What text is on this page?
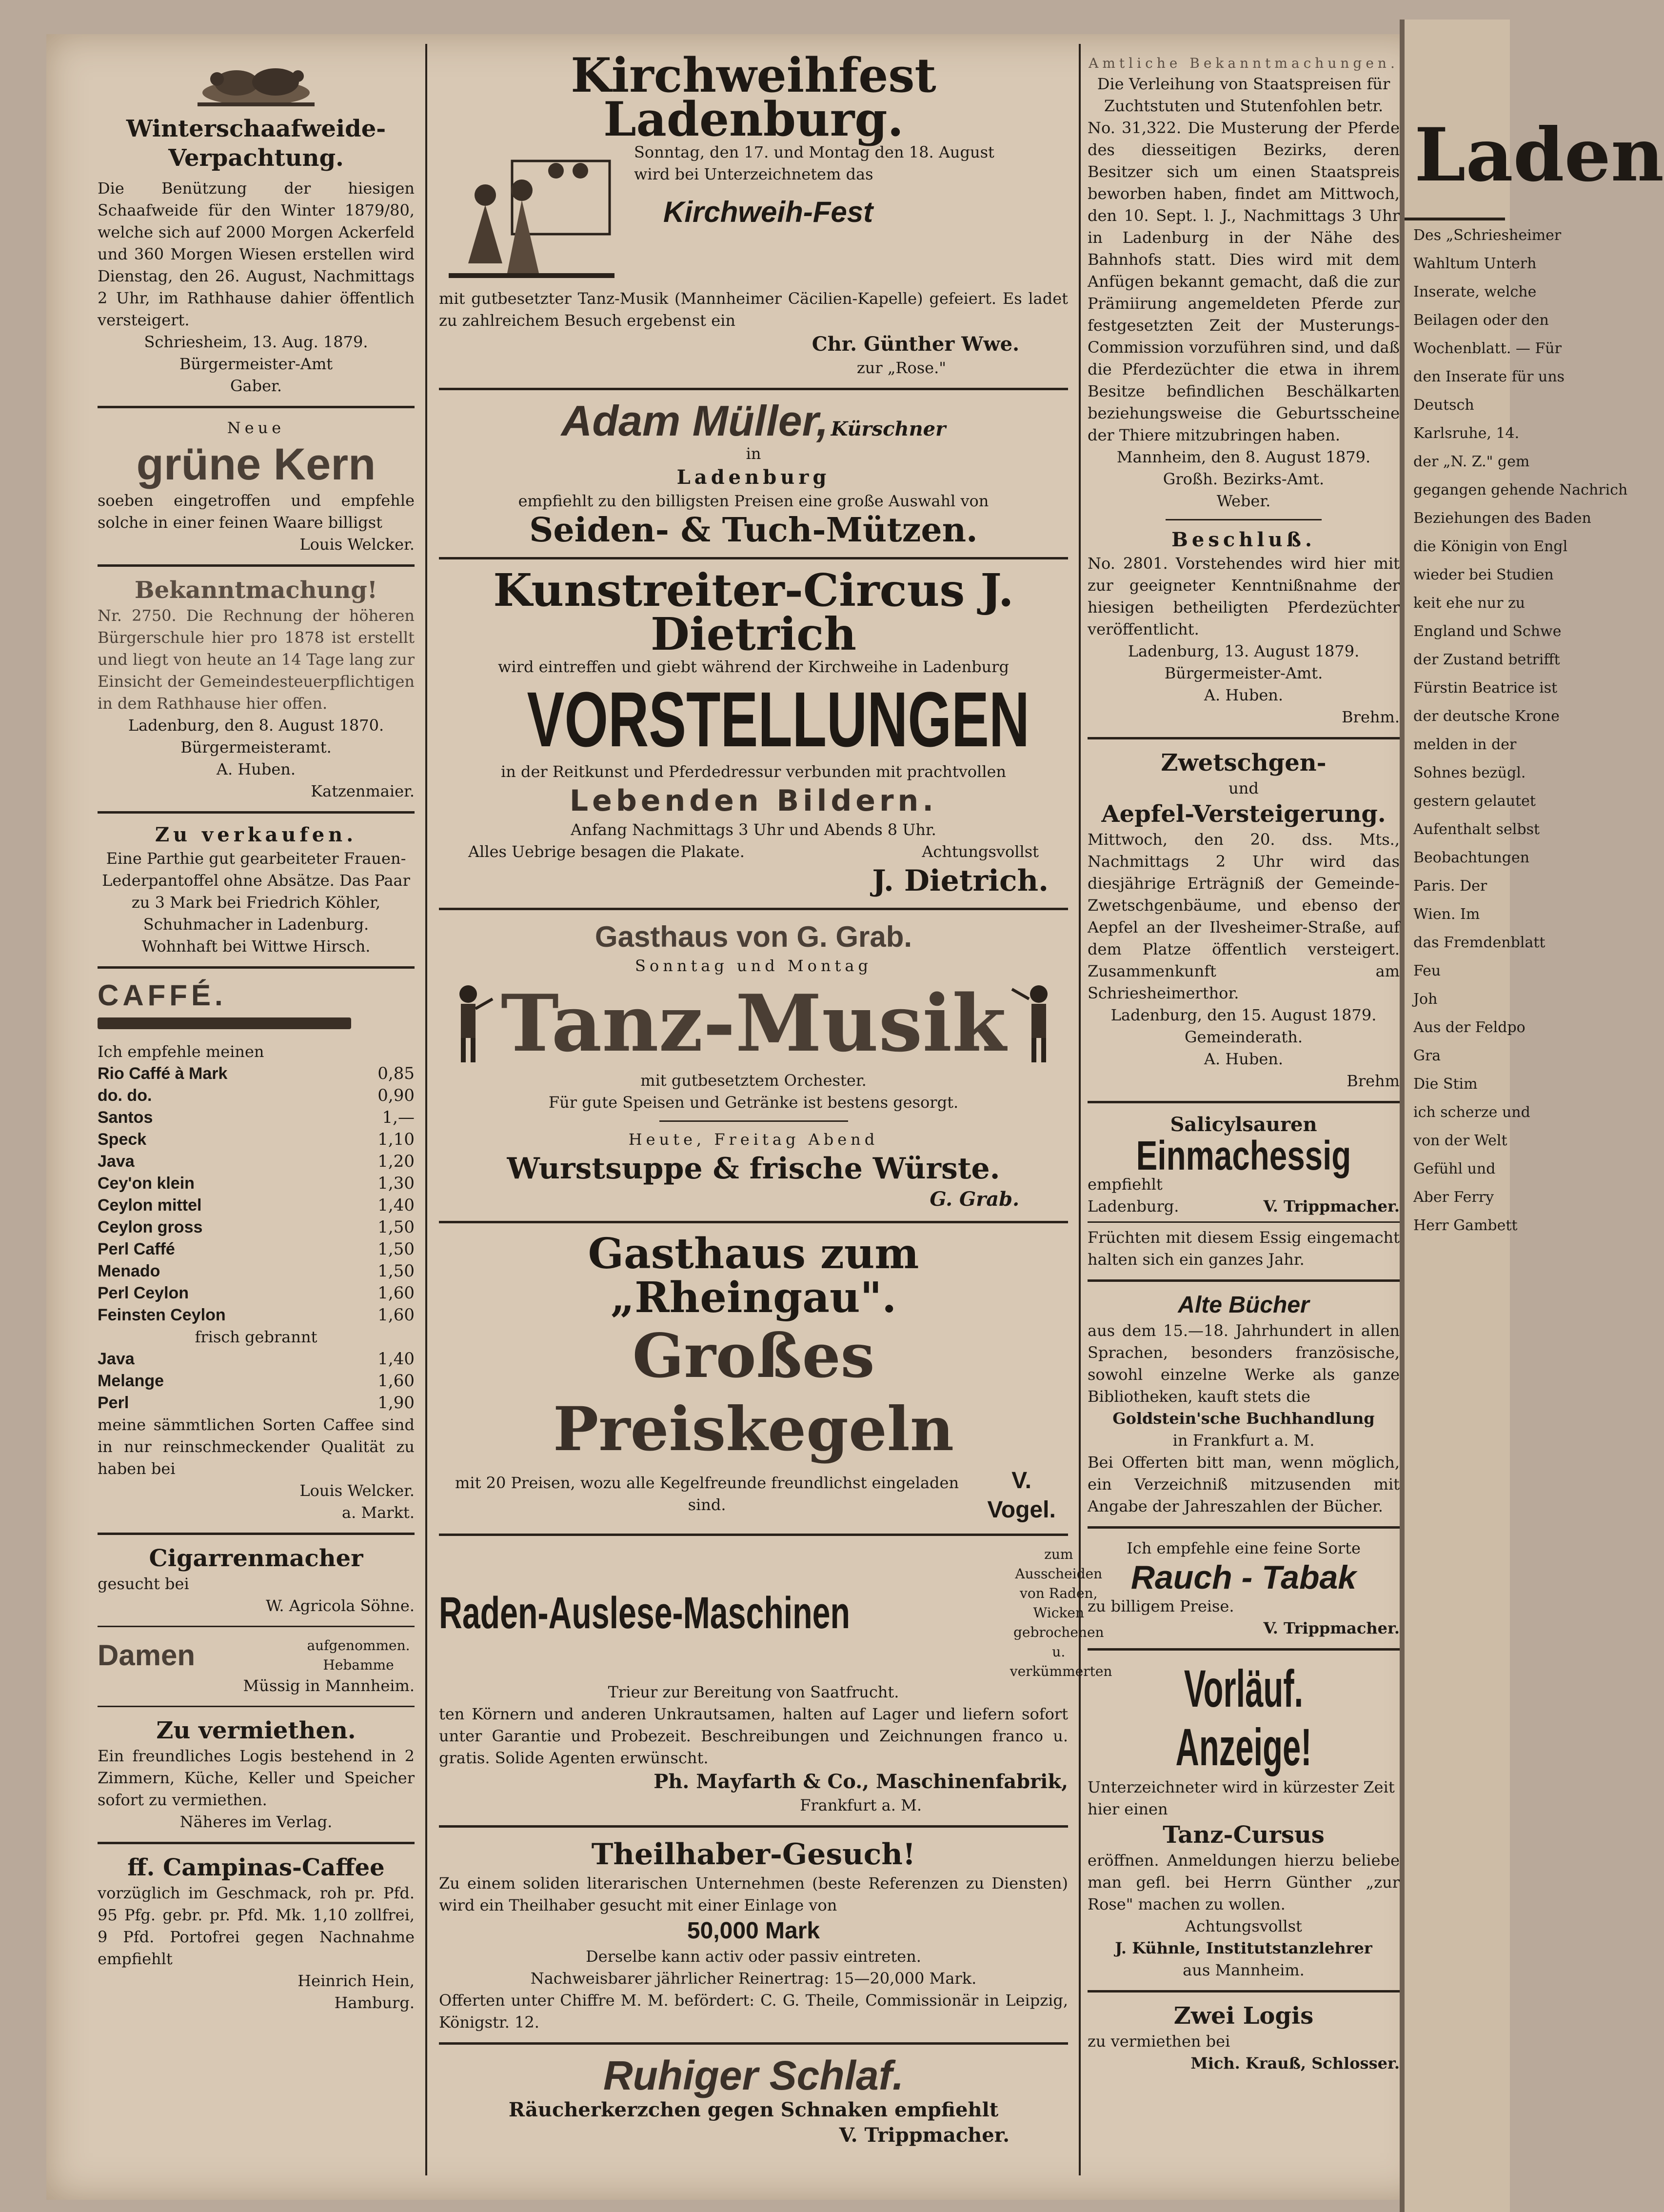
Laden

Des „Schriesheimer

Wahltum Unterh

Inserate, welche

Beilagen oder den

Wochenblatt. — Für

den Inserate für uns

Deutsch

Karlsruhe, 14.

der „N. Z." gem

gegangen gehende Nachrich

Beziehungen des Baden

die Königin von Engl

wieder bei Studien

keit ehe nur zu

England und Schwe

der Zustand betrifft

Fürstin Beatrice ist

der deutsche Krone

melden in der

Sohnes bezügl.

gestern gelautet

Aufenthalt selbst

Beobachtungen

Paris. Der

Wien. Im

das Fremdenblatt

Feu

Joh

Aus der Feldpo

Gra

Die Stim

ich scherze und

von der Welt

Gefühl und

Aber Ferry

Herr Gambett

Winterschaafweide-
Verpachtung.
Die Benützung der hiesigen Schaafweide für den Winter 1879/80, welche sich auf 2000 Morgen Ackerfeld und 360 Morgen Wiesen erstellen wird Dienstag, den 26. August, Nachmittags 2 Uhr, im Rathhause dahier öffentlich versteigert.
Schriesheim, 13. Aug. 1879.
Bürgermeister-Amt
Gaber.
Neue
grüne Kern
soeben eingetroffen und empfehle solche in einer feinen Waare billigst
Louis Welcker.
Bekanntmachung!
Nr. 2750. Die Rechnung der höheren Bürgerschule hier pro 1878 ist erstellt und liegt von heute an 14 Tage lang zur Einsicht der Gemeindesteuerpflichtigen in dem Rathhause hier offen.
Ladenburg, den 8. August 1870.
Bürgermeisteramt.
A. Huben.
Katzenmaier.
Zu verkaufen.
Eine Parthie gut gearbeiteter Frauen-Lederpantoffel ohne Absätze. Das Paar zu 3 Mark bei Friedrich Köhler, Schuhmacher in Ladenburg.
Wohnhaft bei Wittwe Hirsch.
CAFFÉ.
Ich empfehle meinen
Rio Caffé à Mark	0,85
do. do.	0,90
Santos	1,—
Speck	1,10
Java	1,20
Cey'on klein	1,30
Ceylon mittel	1,40
Ceylon gross	1,50
Perl Caffé	1,50
Menado	1,50
Perl Ceylon	1,60
Feinsten Ceylon	1,60
frisch gebrannt
Java	1,40
Melange	1,60
Perl	1,90
meine sämmtlichen Sorten Caffee sind in nur reinschmeckender Qualität zu haben bei
Louis Welcker.
a. Markt.
Cigarrenmacher
gesucht bei
W. Agricola Söhne.
Damen	aufgenommen. Hebamme
Müssig in Mannheim.
Zu vermiethen.
Ein freundliches Logis bestehend in 2 Zimmern, Küche, Keller und Speicher sofort zu vermiethen.
Näheres im Verlag.
ff. Campinas-Caffee
vorzüglich im Geschmack, roh pr. Pfd. 95 Pfg. gebr. pr. Pfd. Mk. 1,10 zollfrei, 9 Pfd. Portofrei gegen Nachnahme empfiehlt
Heinrich Hein,
Hamburg.
Kirchweihfest Ladenburg.
Sonntag, den 17. und Montag den 18. August
wird bei Unterzeichnetem das
Kirchweih-Fest
mit gutbesetzter Tanz-Musik (Mannheimer Cäcilien-Kapelle) gefeiert. Es ladet zu zahlreichem Besuch ergebenst ein
Chr. Günther Wwe.
zur „Rose."
Adam Müller, Kürschner
in
Ladenburg
empfiehlt zu den billigsten Preisen eine große Auswahl von
Seiden- & Tuch-Mützen.
Kunstreiter-Circus J. Dietrich
wird eintreffen und giebt während der Kirchweihe in Ladenburg
VORSTELLUNGEN
in der Reitkunst und Pferdedressur verbunden mit prachtvollen
Lebenden Bildern.
Anfang Nachmittags 3 Uhr und Abends 8 Uhr.
Alles Uebrige besagen die Plakate.	Achtungsvollst
J. Dietrich.
Gasthaus von G. Grab.
Sonntag und Montag
Tanz-Musik
mit gutbesetztem Orchester.
Für gute Speisen und Getränke ist bestens gesorgt.
Heute, Freitag Abend
Wurstsuppe & frische Würste.
G. Grab.
Gasthaus zum „Rheingau".
Großes Preiskegeln
mit 20 Preisen, wozu alle Kegelfreunde freundlichst eingeladen sind.
V. Vogel.
Raden-Auslese-Maschinen
zum Ausscheiden von Raden, Wicken gebrochenen u. verkümmerten
Trieur zur Bereitung von Saatfrucht.
ten Körnern und anderen Unkrautsamen, halten auf Lager und liefern sofort unter Garantie und Probezeit. Beschreibungen und Zeichnungen franco u. gratis. Solide Agenten erwünscht.
Ph. Mayfarth & Co., Maschinenfabrik,
Frankfurt a. M.
Theilhaber-Gesuch!
Zu einem soliden literarischen Unternehmen (beste Referenzen zu Diensten) wird ein Theilhaber gesucht mit einer Einlage von
50,000 Mark
Derselbe kann activ oder passiv eintreten.
Nachweisbarer jährlicher Reinertrag: 15—20,000 Mark.
Offerten unter Chiffre M. M. befördert: C. G. Theile, Commissionär in Leipzig, Königstr. 12.
Ruhiger Schlaf.
Räucherkerzchen gegen Schnaken empfiehlt
V. Trippmacher.
Amtliche Bekanntmachungen.
Die Verleihung von Staatspreisen für Zuchtstuten und Stutenfohlen betr.
No. 31,322. Die Musterung der Pferde des diesseitigen Bezirks, deren Besitzer sich um einen Staatspreis beworben haben, findet am Mittwoch, den 10. Sept. l. J., Nachmittags 3 Uhr in Ladenburg in der Nähe des Bahnhofs statt. Dies wird mit dem Anfügen bekannt gemacht, daß die zur Prämiirung angemeldeten Pferde zur festgesetzten Zeit der Musterungs-Commission vorzuführen sind, und daß die Pferdezüchter die etwa in ihrem Besitze befindlichen Beschälkarten beziehungsweise die Geburtsscheine der Thiere mitzubringen haben.
Mannheim, den 8. August 1879.
Großh. Bezirks-Amt.
Weber.
Beschluß.
No. 2801. Vorstehendes wird hier mit zur geeigneter Kenntnißnahme der hiesigen betheiligten Pferdezüchter veröffentlicht.
Ladenburg, 13. August 1879.
Bürgermeister-Amt.
A. Huben.
Brehm.
Zwetschgen-
und
Aepfel-Versteigerung.
Mittwoch, den 20. dss. Mts., Nachmittags 2 Uhr wird das diesjährige Erträgniß der Gemeinde-Zwetschgenbäume, und ebenso der Aepfel an der Ilvesheimer-Straße, auf dem Platze öffentlich versteigert. Zusammenkunft am Schriesheimerthor.
Ladenburg, den 15. August 1879.
Gemeinderath.
A. Huben.
Brehm
Salicylsauren
Einmachessig
empfiehlt
Ladenburg.	V. Trippmacher.
Früchten mit diesem Essig eingemacht halten sich ein ganzes Jahr.
Alte Bücher
aus dem 15.—18. Jahrhundert in allen Sprachen, besonders französische, sowohl einzelne Werke als ganze Bibliotheken, kauft stets die
Goldstein'sche Buchhandlung
in Frankfurt a. M.
Bei Offerten bitt man, wenn möglich, ein Verzeichniß mitzusenden mit Angabe der Jahreszahlen der Bücher.
Ich empfehle eine feine Sorte
Rauch - Tabak
zu billigem Preise.
V. Trippmacher.
Vorläuf. Anzeige!
Unterzeichneter wird in kürzester Zeit hier einen
Tanz-Cursus
eröffnen. Anmeldungen hierzu beliebe man gefl. bei Herrn Günther „zur Rose" machen zu wollen.
Achtungsvollst
J. Kühnle, Institutstanzlehrer
aus Mannheim.
Zwei Logis
zu vermiethen bei
Mich. Krauß, Schlosser.
